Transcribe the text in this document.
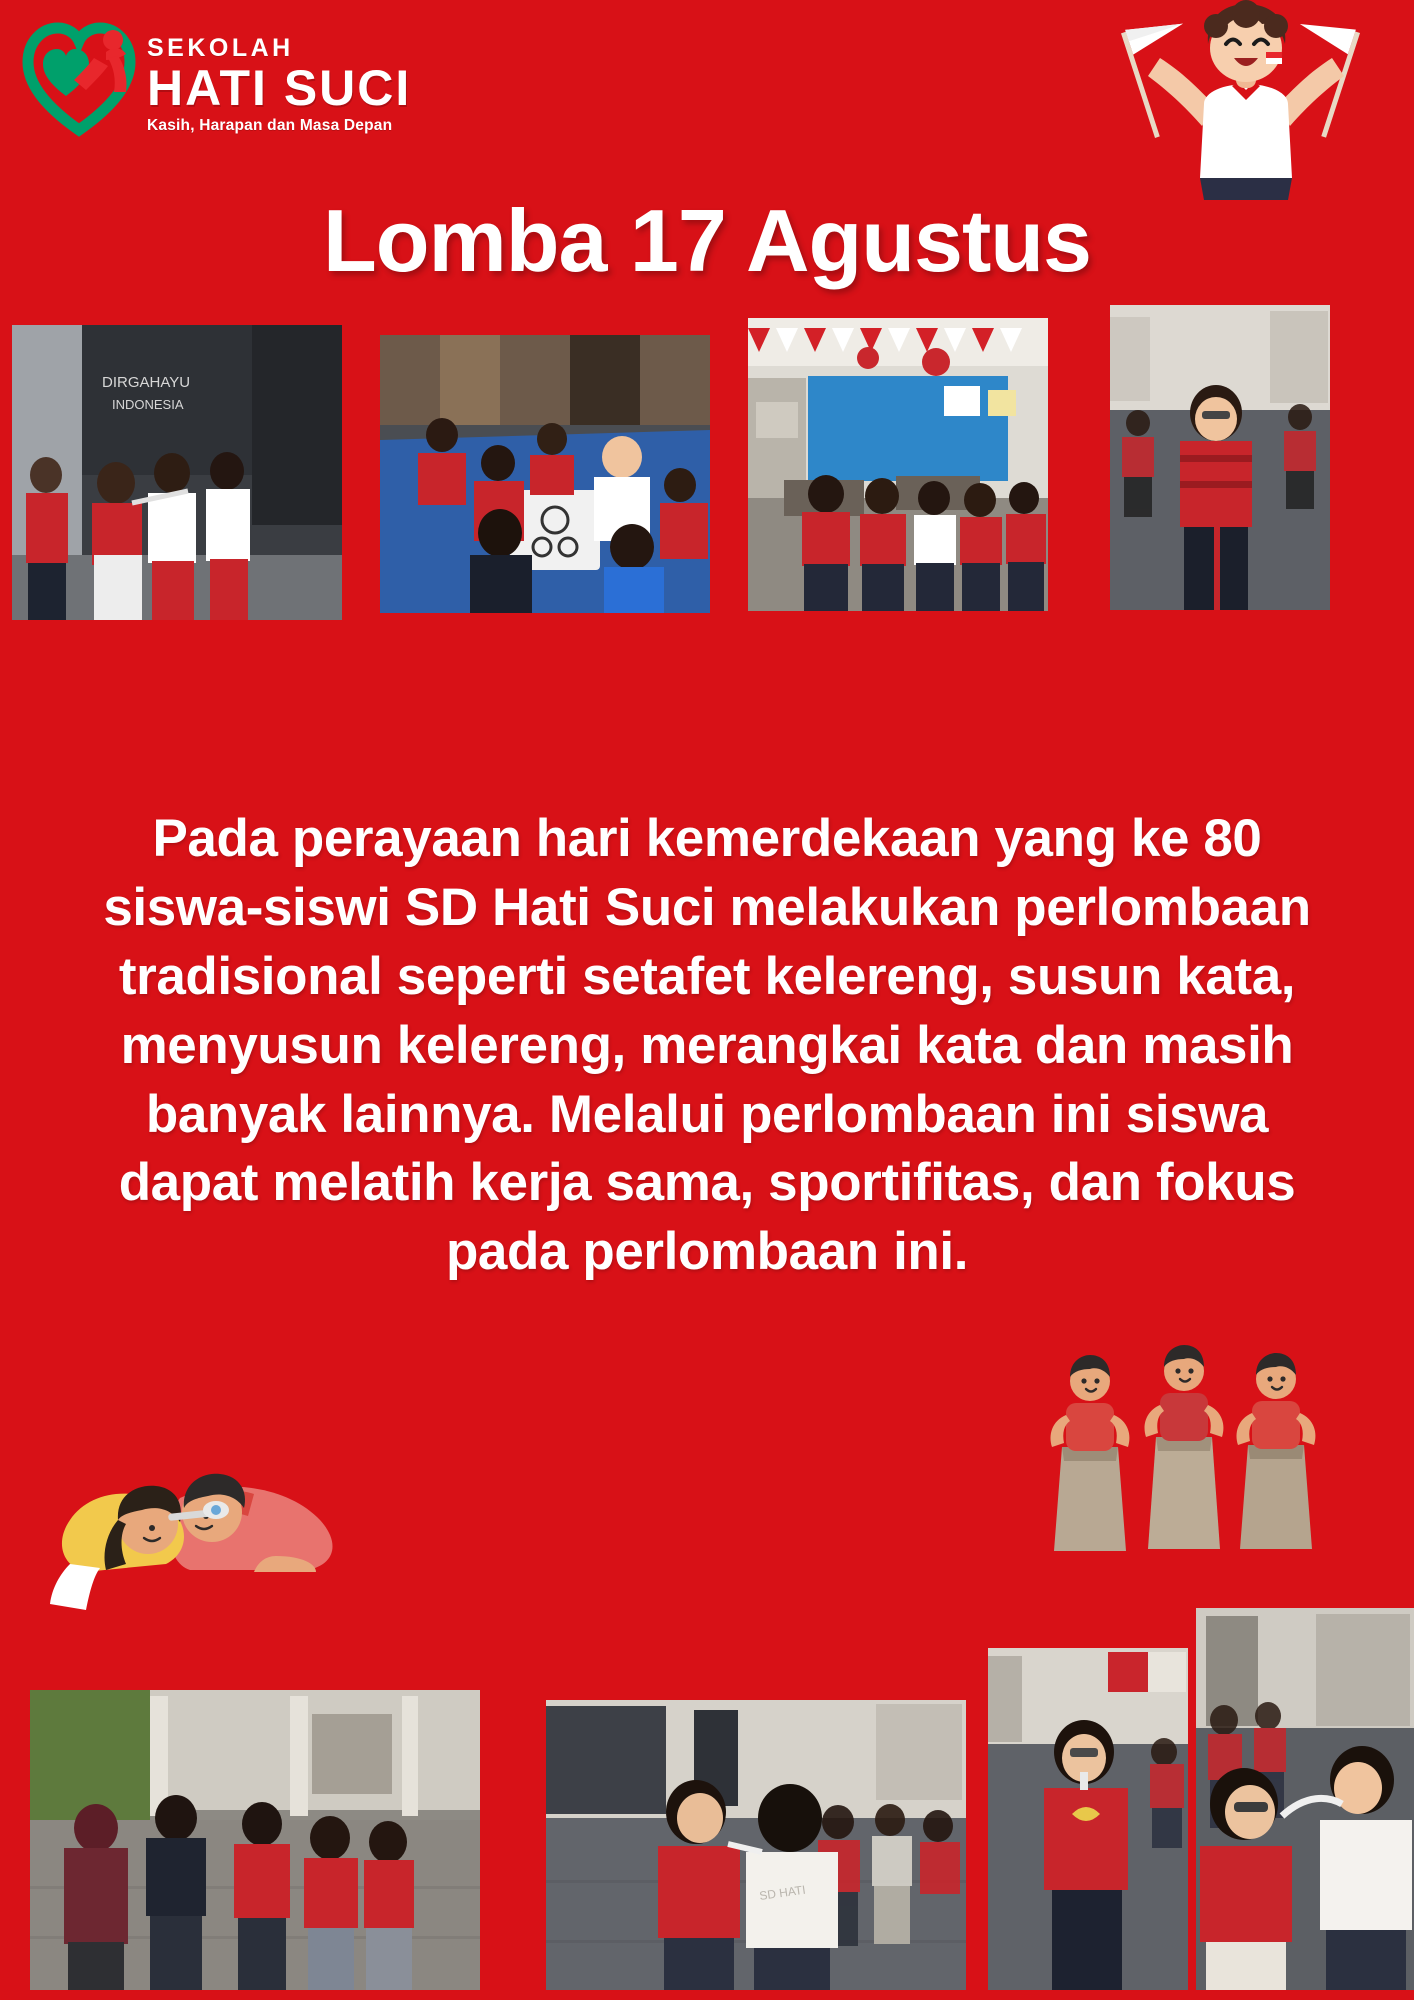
SEKOLAH
HATI SUCI
Kasih, Harapan dan Masa Depan
Lomba 17 Agustus
DIRGAHAYU
INDONESIA
Pada perayaan hari kemerdekaan yang ke 80 siswa-siswi SD Hati Suci melakukan perlombaan tradisional seperti setafet kelereng, susun kata, menyusun kelereng, merangkai kata dan masih banyak lainnya. Melalui perlombaan ini siswa dapat melatih kerja sama, sportifitas, dan fokus pada perlombaan ini.
SD HATI
